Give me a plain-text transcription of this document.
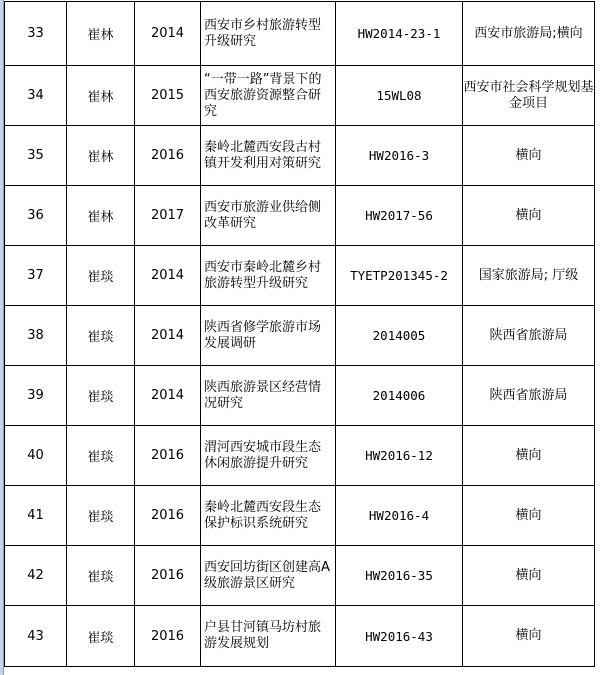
33	崔林	2014	西安市乡村旅游转型升级研究	HW2014-23-1	西安市旅游局;横向
34	崔林	2015	“一带一路”背景下的西安旅游资源整合研究	15WL08	西安市社会科学规划基金项目
35	崔林	2016	秦岭北麓西安段古村镇开发利用对策研究	HW2016-3	横向
36	崔林	2017	西安市旅游业供给侧改革研究	HW2017-56	横向
37	崔琰	2014	西安市秦岭北麓乡村旅游转型升级研究	TYETP201345-2	国家旅游局; 厅级
38	崔琰	2014	陕西省修学旅游市场发展调研	2014005	陕西省旅游局
39	崔琰	2014	陕西旅游景区经营情况研究	2014006	陕西省旅游局
40	崔琰	2016	渭河西安城市段生态休闲旅游提升研究	HW2016-12	横向
41	崔琰	2016	秦岭北麓西安段生态保护标识系统研究	HW2016-4	横向
42	崔琰	2016	西安回坊街区创建高A级旅游景区研究	HW2016-35	横向
43	崔琰	2016	户县甘河镇马坊村旅游发展规划	HW2016-43	横向
